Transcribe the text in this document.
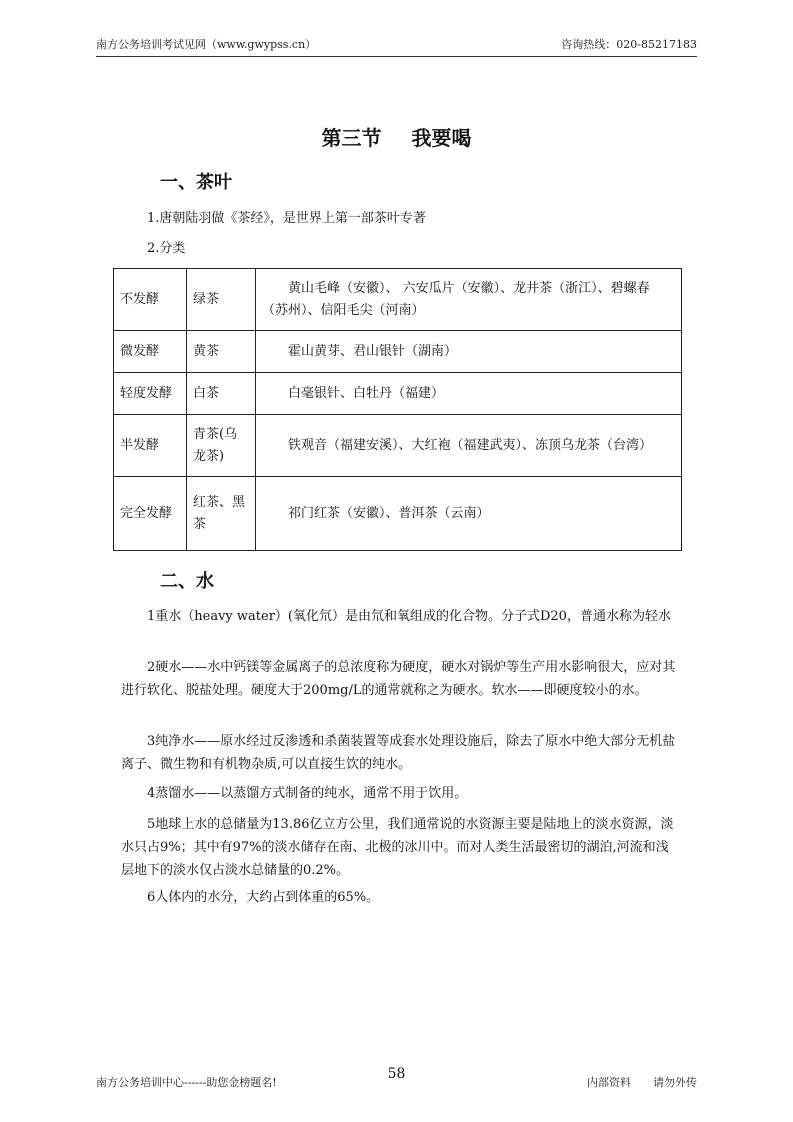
南方公务培训考试见网（www.gwypss.cn）	咨询热线：020-85217183
第三节 我要喝
一、茶叶
1.唐朝陆羽做《茶经》，是世界上第一部茶叶专著
2.分类
不发酵	绿茶	黄山毛峰（安徽）、 六安瓜片（安徽）、龙井茶（浙江）、碧螺春（苏州）、信阳毛尖（河南）
微发酵	黄茶	霍山黄芽、君山银针（湖南）
轻度发酵	白茶	白毫银针、白牡丹（福建）
半发酵	青茶(乌龙茶)	铁观音（福建安溪）、大红袍（福建武夷）、冻顶乌龙茶（台湾）
完全发酵	红茶、黑茶	祁门红茶（安徽）、普洱茶（云南）
二、水
1重水（heavy water）(氧化氘）是由氘和氧组成的化合物。分子式D20，普通水称为轻水
2硬水——水中钙镁等金属离子的总浓度称为硬度，硬水对锅炉等生产用水影响很大，应对其进行软化、脱盐处理。硬度大于200mg/L的通常就称之为硬水。软水——即硬度较小的水。
3纯净水——原水经过反渗透和杀菌装置等成套水处理设施后，除去了原水中绝大部分无机盐离子、微生物和有机物杂质,可以直接生饮的纯水。
4蒸馏水——以蒸馏方式制备的纯水，通常不用于饮用。
5地球上水的总储量为13.86亿立方公里，我们通常说的水资源主要是陆地上的淡水资源，淡水只占9%；其中有97%的淡水储存在南、北极的冰川中。而对人类生活最密切的湖泊,河流和浅层地下的淡水仅占淡水总储量的0.2%。
6人体内的水分，大约占到体重的65%。
南方公务培训中心------助您金榜题名!
58
内部资料 请勿外传
